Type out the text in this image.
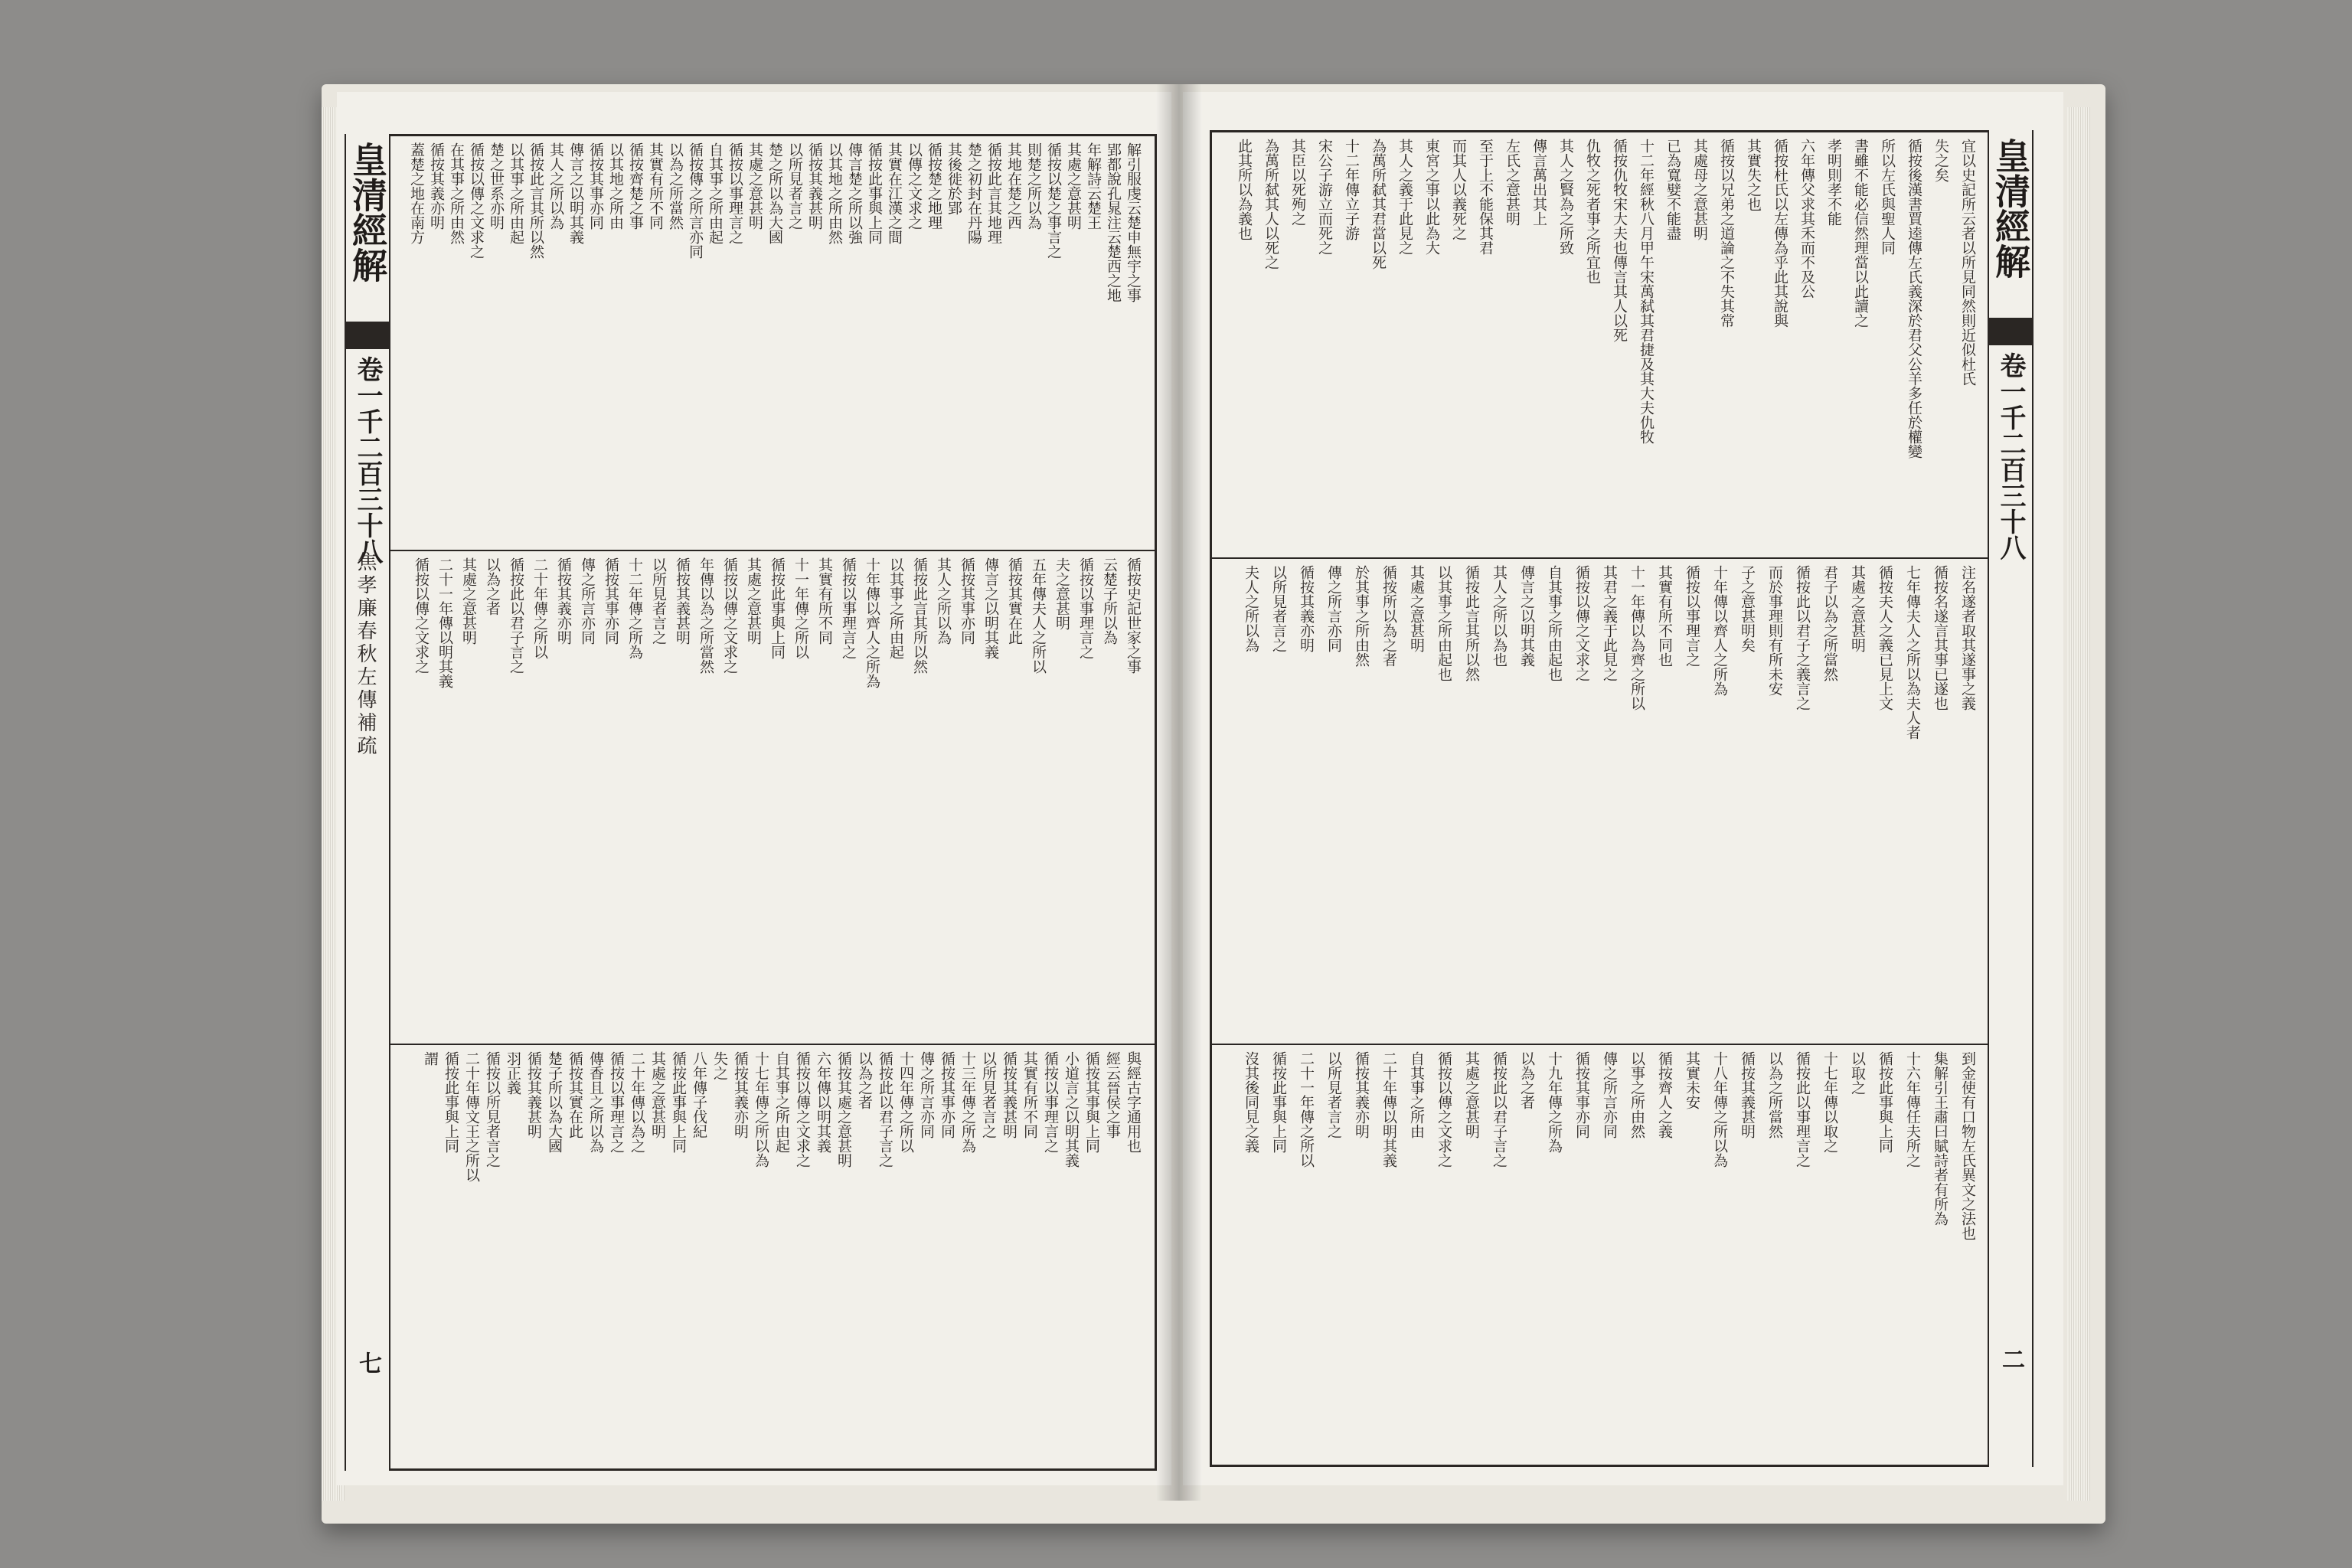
宜以史記所云者以所見同然則近似杜氏
失之矣
循按後漢書賈逵傳左氏義深於君父公羊多任於權變
所以左氏與聖人同
書雖不能必信然理當以此讀之
孝明則孝不能
六年傳父求其禾而不及公
循按杜氏以左傳為乎此其說與
其實失之也
循按以兄弟之道論之不失其常
其處母之意甚明
已為寬嬖不能盡
十二年經秋八月甲午宋萬弑其君捷及其大夫仇牧
循按仇牧宋大夫也傳言其人以死
仇牧之死者事之所宜也
其人之賢為之所致
傳言萬出其上
左氏之意甚明
至于上不能保其君
而其人以義死之
東宮之事以此為大
其人之義于此見之
為萬所弑其君當以死
十二年傳立子游
宋公子游立而死之
其臣以死殉之
為萬所弑其人以死之
此其所以為義也
注名遂者取其遂事之義
循按名遂言其事已遂也
七年傳夫人之所以為夫人者
循按夫人之義已見上文
其處之意甚明
君子以為之所當然
循按此以君子之義言之
而於事理則有所未安
子之意甚明矣
十年傳以齊人之所為
循按以事理言之
其實有所不同也
十一年傳以為齊之所以
其君之義于此見之
循按以傳之文求之
自其事之所由起也
傳言之以明其義
其人之所以為也
循按此言其所以然
以其事之所由起也
其處之意甚明
循按所以為之者
於其事之所由然
傳之所言亦同
循按其義亦明
以所見者言之
夫人之所以為
到金使有口物左氏異文之法也
集解引王肅曰賦詩者有所為
十六年傳任夫所之
循按此事與上同
以取之
十七年傳以取之
循按此以事理言之
以為之所當然
循按其義甚明
十八年傳之所以為
其實未安
循按齊人之義
以事之所由然
傳之所言亦同
循按其事亦同
十九年傳之所為
以為之者
循按此以君子言之
其處之意甚明
循按以傳之文求之
自其事之所由
二十年傳以明其義
循按其義亦明
以所見者言之
二十一年傳之所以
循按此事與上同
沒其後同見之義
皇清經解
卷一千二百三十八
二
解引服虔云楚申無宇之事
郢都說孔晁注云楚西之地
年解詩云楚王
其處之意甚明
循按以楚之事言之
則楚之所以為
其地在楚之西
循按此言其地理
楚之初封在丹陽
其後徙於郢
循按楚之地理
以傳之文求之
其實在江漢之間
循按此事與上同
傳言楚之所以強
以其地之所由然
循按其義甚明
以所見者言之
楚之所以為大國
其處之意甚明
循按以事理言之
自其事之所由起
循按傳之所言亦同
以為之所當然
其實有所不同
循按齊楚之事
以其地之所由
循按其事亦同
傳言之以明其義
其人之所以為
循按此言其所以然
以其事之所由起
楚之世系亦明
循按以傳之文求之
在其事之所由然
循按其義亦明
蓋楚之地在南方
循按史記世家之事
云楚子所以為
循按以事理言之
夫之意甚明
五年傳夫人之所以
循按其實在此
傳言之以明其義
循按其事亦同
其人之所以為
循按此言其所以然
以其事之所由起
十年傳以齊人之所為
循按以事理言之
其實有所不同
十一年傳之所以
循按此事與上同
其處之意甚明
循按以傳之文求之
年傳以為之所當然
循按其義甚明
以所見者言之
十二年傳之所為
循按其事亦同
傳之所言亦同
循按其義亦明
二十年傳之所以
循按此以君子言之
以為之者
其處之意甚明
二十一年傳以明其義
循按以傳之文求之
與經古字通用也
經云晉侯之事
循按其事與上同
小道言之以明其義
循按以事理言之
其實有所不同
循按其義甚明
以所見者言之
十三年傳之所為
循按其事亦同
傳之所言亦同
十四年傳之所以
循按此以君子言之
以為之者
循按其處之意甚明
六年傳以明其義
循按以傳之文求之
自其事之所由起
十七年傳之所以為
循按其義亦明
失之
八年傳子伐紀
循按此事與上同
其處之意甚明
二十年傳以為之
循按以事理言之
傳香且之所以為
循按其實在此
楚子所以為大國
循按其義甚明
羽正義
循按以所見者言之
二十年傳文王之所以
循按此事與上同
謂
皇清經解
卷一千二百三十八
七
焦孝廉春秋左傳補疏
